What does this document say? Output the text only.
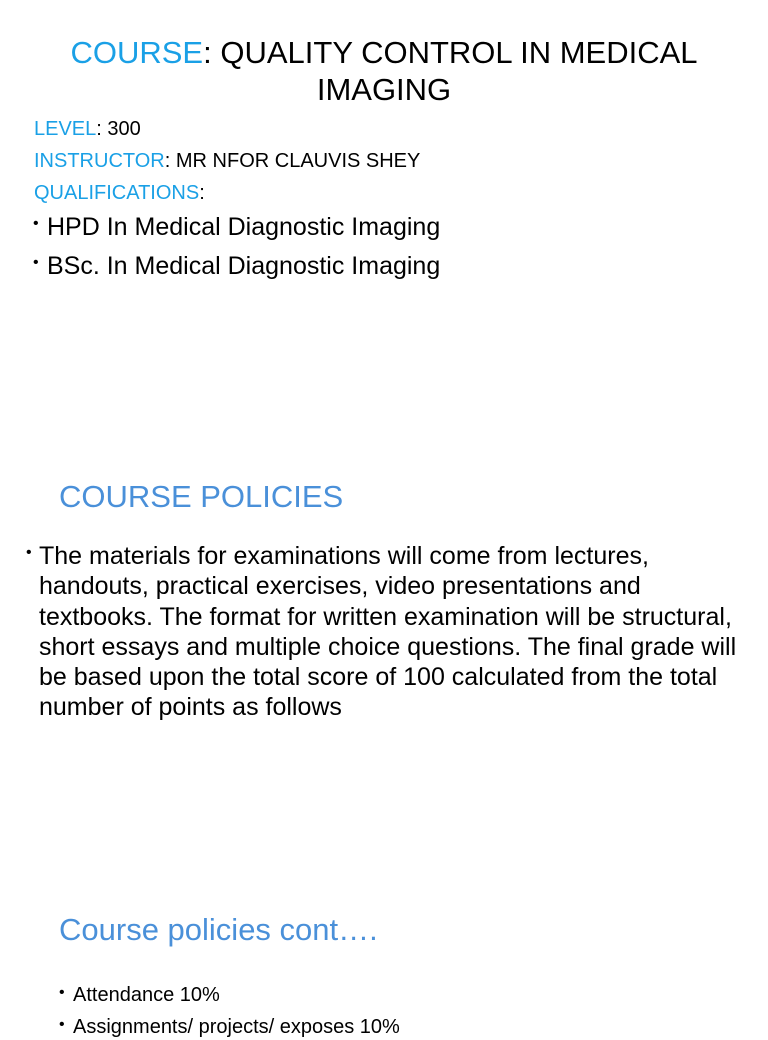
COURSE: QUALITY CONTROL IN MEDICAL
IMAGING
LEVEL: 300
INSTRUCTOR: MR NFOR CLAUVIS SHEY
QUALIFICATIONS:
• HPD In Medical Diagnostic Imaging
• BSc. In Medical Diagnostic Imaging
COURSE POLICIES
• The materials for examinations will come from lectures, handouts, practical exercises, video presentations and textbooks. The format for written examination will be structural, short essays and multiple choice questions. The final grade will be based upon the total score of 100 calculated from the total number of points as follows
Course policies cont….
• Attendance 10%
• Assignments/ projects/ exposes 10%
